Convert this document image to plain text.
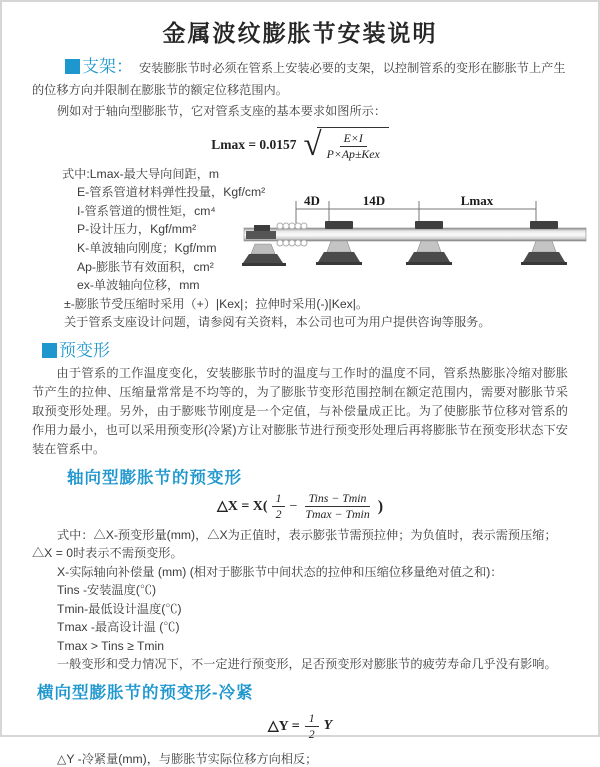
金属波纹膨胀节安装说明

支架： 安装膨胀节时必须在管系上安装必要的支架，以控制管系的变形在膨胀节上产生的位移方向并限制在膨胀节的额定位移范围内。

例如对于轴向型膨胀节，它对管系支座的基本要求如图所示：

Lmax = 0.0157 √ $\frac{E\times I}{\text{P×Ap±Kex}}$
式中:Lmax-最大导向间距，m
E-管系管道材料弹性投量，Kgf/cm²
I-管系管道的惯性矩，cm⁴
P-设计压力，Kgf/mm²
K-单波轴向刚度；Kgf/mm
Ap-膨胀节有效面积，cm²
ex-单波轴向位移，mm
±-膨胀节受压缩时采用（+）|Kex|；拉伸时采用(-)|Kex|。
关于管系支座设计问题，请参阅有关资料，本公司也可为用户提供咨询等服务。
4D	14D	Lmax
预变形

由于管系的工作温度变化，安装膨胀节时的温度与工作时的温度不同，管系热膨胀冷缩对膨胀节产生的拉伸、压缩量常常是不均等的，为了膨胀节变形范围控制在额定范围内，需要对膨胀节采取预变形处理。另外，由于膨账节刚度是一个定值，与补偿量成正比。为了使膨胀节位移对管系的作用力最小，也可以采用预变形(冷紧)方让对膨胀节进行预变形处理后再将膨胀节在预变形状态下安装在管系中。

轴向型膨胀节的预变形
△X = $X( \frac{1}{2} - \frac{\text{Tins − Tmin}}{Tmax - Tmin}$ )
式中：△X-预变形量(mm)，△X为正值时，表示膨张节需预拉伸；为负值时，表示需预压缩；△X = 0时表示不需预变形。
X-实际轴向补偿量 (mm) (相对于膨胀节中间状态的拉伸和压缩位移量绝对值之和)：
Tins -安装温度(℃)
Tmin-最低设计温度(℃)
Tmax -最高设计温 (℃)
Tmax > Tins ≥ Tmin
一般变形和受力情况下，不一定进行预变形，足否预变形对膨胀节的疲劳寿命几乎没有影响。
横向型膨胀节的预变形-冷紧
△Y = $\frac{1}{2}$ Y

△Y -冷紧量(mm)，与膨胀节实际位移方向相反；
